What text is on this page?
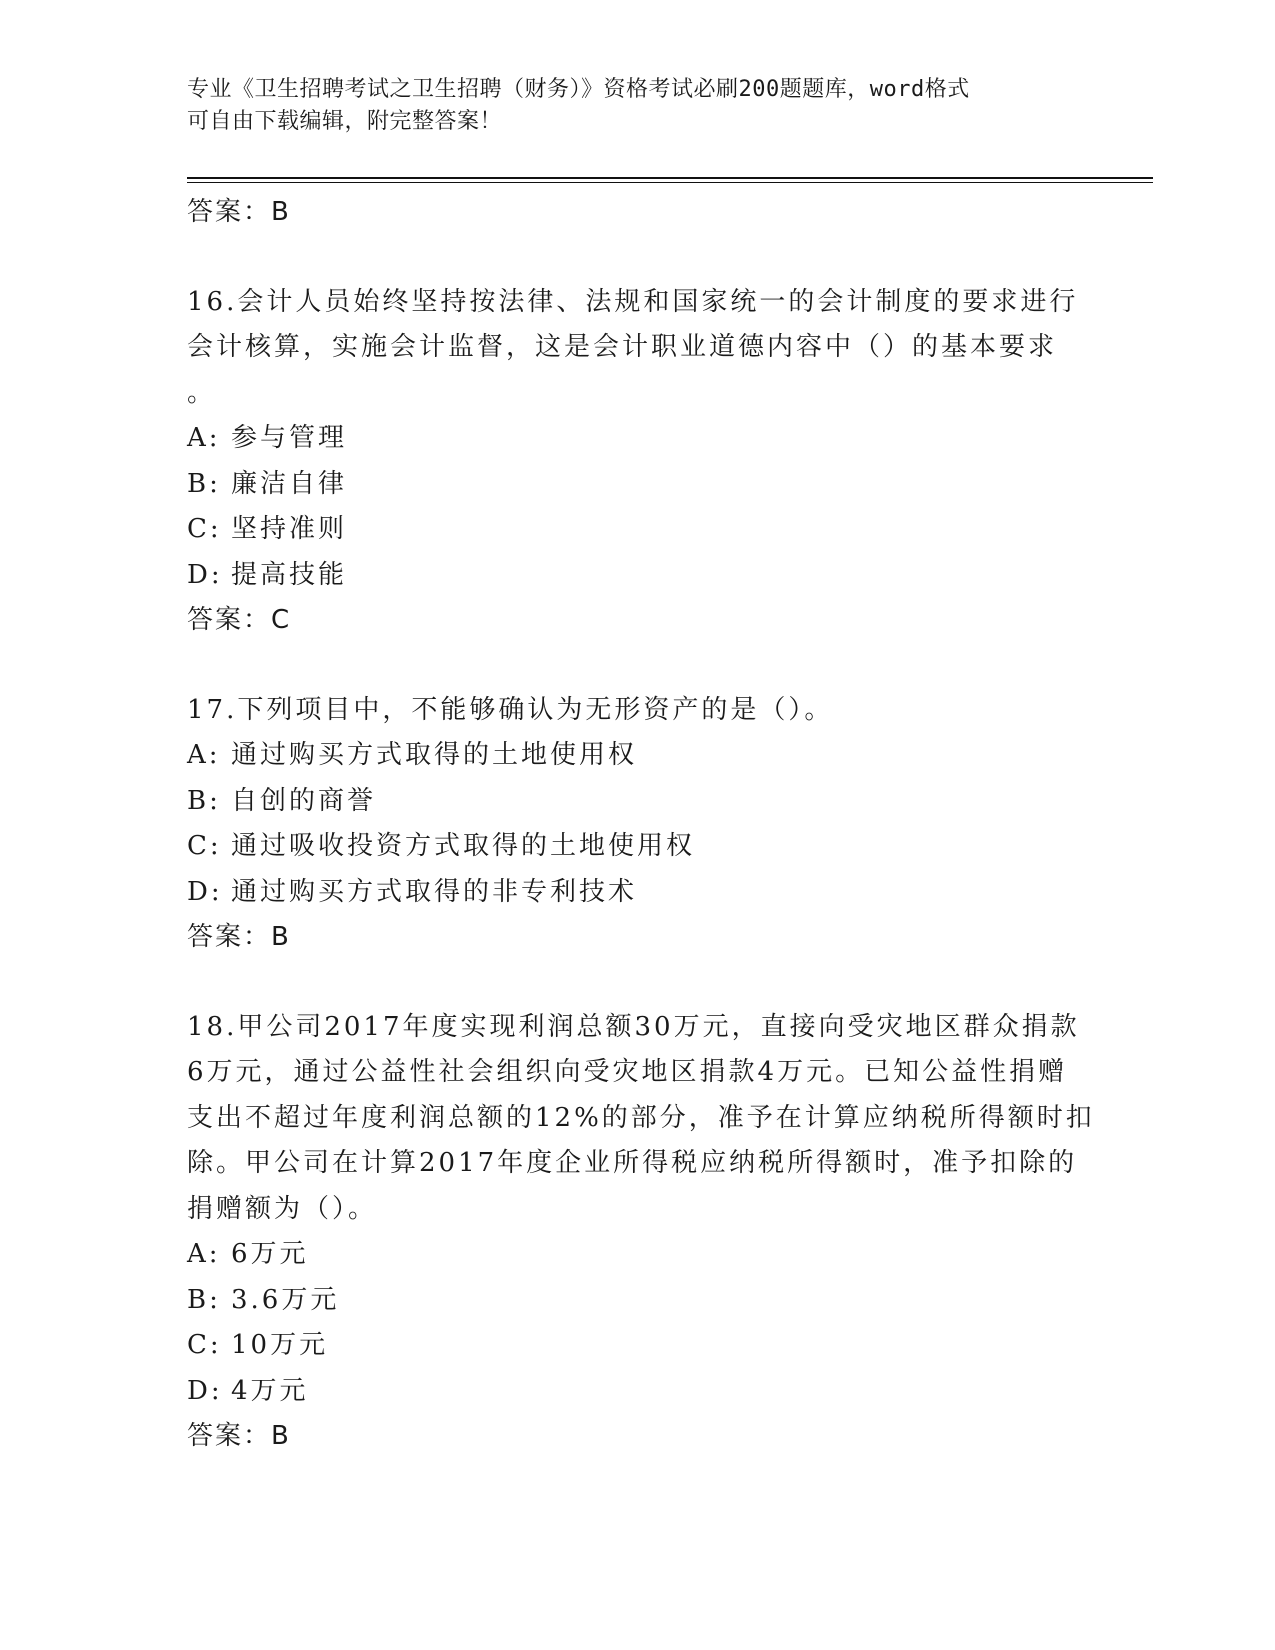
专业《卫生招聘考试之卫生招聘（财务）》资格考试必刷200题题库，word格式
可自由下载编辑，附完整答案！
答案：B
16.会计人员始终坚持按法律、法规和国家统一的会计制度的要求进行
会计核算，实施会计监督，这是会计职业道德内容中（）的基本要求
。
A: 参与管理
B: 廉洁自律
C: 坚持准则
D: 提高技能
答案：C
17.下列项目中，不能够确认为无形资产的是（）。
A: 通过购买方式取得的土地使用权
B: 自创的商誉
C: 通过吸收投资方式取得的土地使用权
D: 通过购买方式取得的非专利技术
答案：B
18.甲公司2017年度实现利润总额30万元，直接向受灾地区群众捐款
6万元，通过公益性社会组织向受灾地区捐款4万元。已知公益性捐赠
支出不超过年度利润总额的12%的部分，准予在计算应纳税所得额时扣
除。甲公司在计算2017年度企业所得税应纳税所得额时，准予扣除的
捐赠额为（）。
A: 6万元
B: 3.6万元
C: 10万元
D: 4万元
答案：B
